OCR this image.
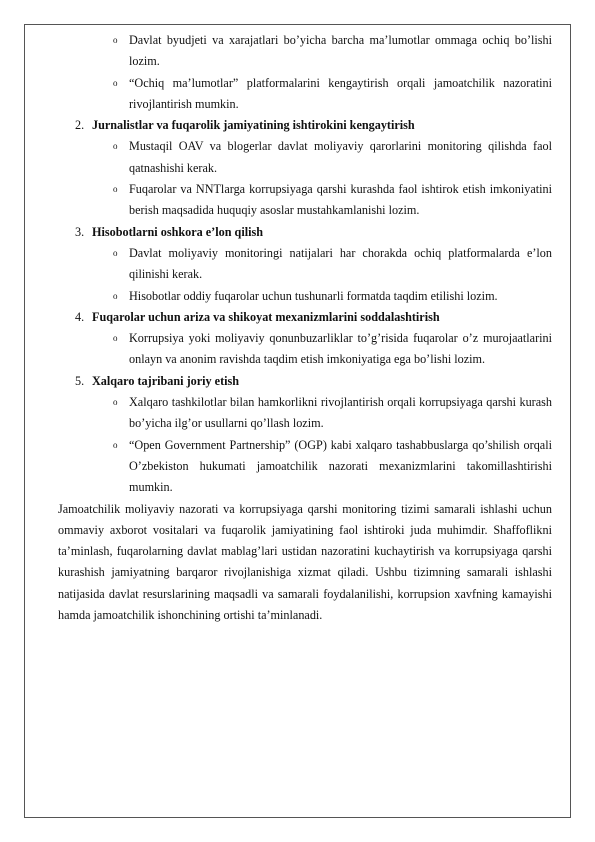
o Davlat byudjeti va xarajatlari bo’yicha barcha ma’lumotlar ommaga ochiq bo’lishi lozim.
o “Ochiq ma’lumotlar” platformalarini kengaytirish orqali jamoatchilik nazoratini rivojlantirish mumkin.
2. Jurnalistlar va fuqarolik jamiyatining ishtirokini kengaytirish
o Mustaqil OAV va blogerlar davlat moliyaviy qarorlarini monitoring qilishda faol qatnashishi kerak.
o Fuqarolar va NNTlarga korrupsiyaga qarshi kurashda faol ishtirok etish imkoniyatini berish maqsadida huquqiy asoslar mustahkamlanishi lozim.
3. Hisobotlarni oshkora e’lon qilish
o Davlat moliyaviy monitoringi natijalari har chorakda ochiq platformalarda e’lon qilinishi kerak.
o Hisobotlar oddiy fuqarolar uchun tushunarli formatda taqdim etilishi lozim.
4. Fuqarolar uchun ariza va shikoyat mexanizmlarini soddalashtirish
o Korrupsiya yoki moliyaviy qonunbuzarliklar to’g’risida fuqarolar o’z murojaatlarini onlayn va anonim ravishda taqdim etish imkoniyatiga ega bo’lishi lozim.
5. Xalqaro tajribani joriy etish
o Xalqaro tashkilotlar bilan hamkorlikni rivojlantirish orqali korrupsiyaga qarshi kurash bo’yicha ilg’or usullarni qo’llash lozim.
o “Open Government Partnership” (OGP) kabi xalqaro tashabbuslarga qo’shilish orqali O’zbekiston hukumati jamoatchilik nazorati mexanizmlarini takomillashtirishi mumkin.

Jamoatchilik moliyaviy nazorati va korrupsiyaga qarshi monitoring tizimi samarali ishlashi uchun ommaviy axborot vositalari va fuqarolik jamiyatining faol ishtiroki juda muhimdir. Shaffoflikni ta’minlash, fuqarolarning davlat mablag’lari ustidan nazoratini kuchaytirish va korrupsiyaga qarshi kurashish jamiyatning barqaror rivojlanishiga xizmat qiladi. Ushbu tizimning samarali ishlashi natijasida davlat resurslarining maqsadli va samarali foydalanilishi, korrupsion xavfning kamayishi hamda jamoatchilik ishonchining ortishi ta’minlanadi.
